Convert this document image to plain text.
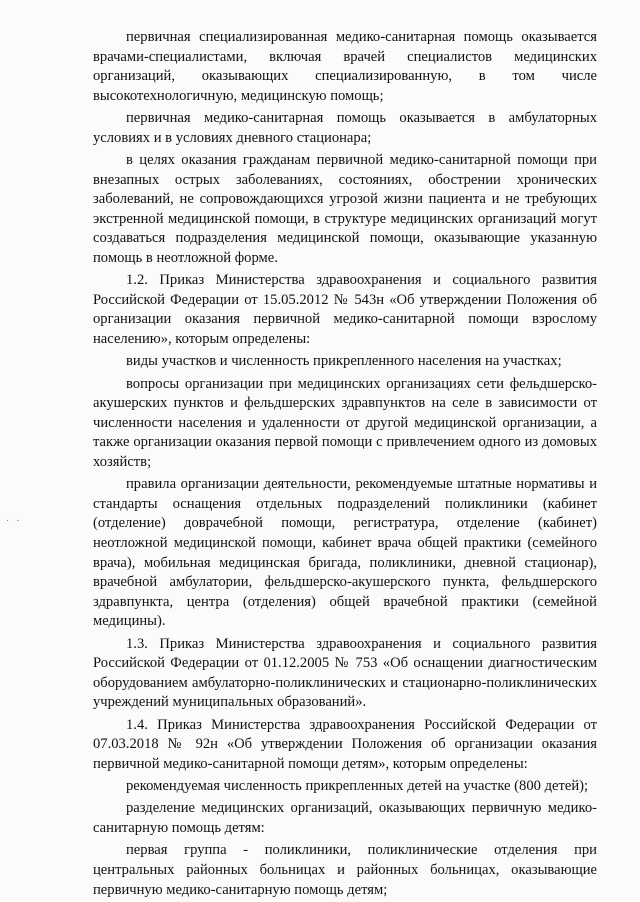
· ·

первичная специализированная медико-санитарная помощь оказывается врачами-специалистами, включая врачей специалистов медицинских организаций, оказывающих специализированную, в том числе высокотехнологичную, медицинскую помощь;

первичная медико-санитарная помощь оказывается в амбулаторных условиях и в условиях дневного стационара;

в целях оказания гражданам первичной медико-санитарной помощи при внезапных острых заболеваниях, состояниях, обострении хронических заболеваний, не сопровождающихся угрозой жизни пациента и не требующих экстренной медицинской помощи, в структуре медицинских организаций могут создаваться подразделения медицинской помощи, оказывающие указанную помощь в неотложной форме.

1.2. Приказ Министерства здравоохранения и социального развития Российской Федерации от 15.05.2012 № 543н «Об утверждении Положения об организации оказания первичной медико-санитарной помощи взрослому населению», которым определены:

виды участков и численность прикрепленного населения на участках;

вопросы организации при медицинских организациях сети фельдшерско-акушерских пунктов и фельдшерских здравпунктов на селе в зависимости от численности населения и удаленности от другой медицинской организации, а также организации оказания первой помощи с привлечением одного из домовых хозяйств;

правила организации деятельности, рекомендуемые штатные нормативы и стандарты оснащения отдельных подразделений поликлиники (кабинет (отделение) доврачебной помощи, регистратура, отделение (кабинет) неотложной медицинской помощи, кабинет врача общей практики (семейного врача), мобильная медицинская бригада, поликлиники, дневной стационар), врачебной амбулатории, фельдшерско-акушерского пункта, фельдшерского здравпункта, центра (отделения) общей врачебной практики (семейной медицины).

1.3. Приказ Министерства здравоохранения и социального развития Российской Федерации от 01.12.2005 № 753 «Об оснащении диагностическим оборудованием амбулаторно-поликлинических и стационарно-поликлинических учреждений муниципальных образований».

1.4. Приказ Министерства здравоохранения Российской Федерации от 07.03.2018 № 92н «Об утверждении Положения об организации оказания первичной медико-санитарной помощи детям», которым определены:

рекомендуемая численность прикрепленных детей на участке (800 детей);

разделение медицинских организаций, оказывающих первичную медико-санитарную помощь детям:

первая группа - поликлиники, поликлинические отделения при центральных районных больницах и районных больницах, оказывающие первичную медико-санитарную помощь детям;
